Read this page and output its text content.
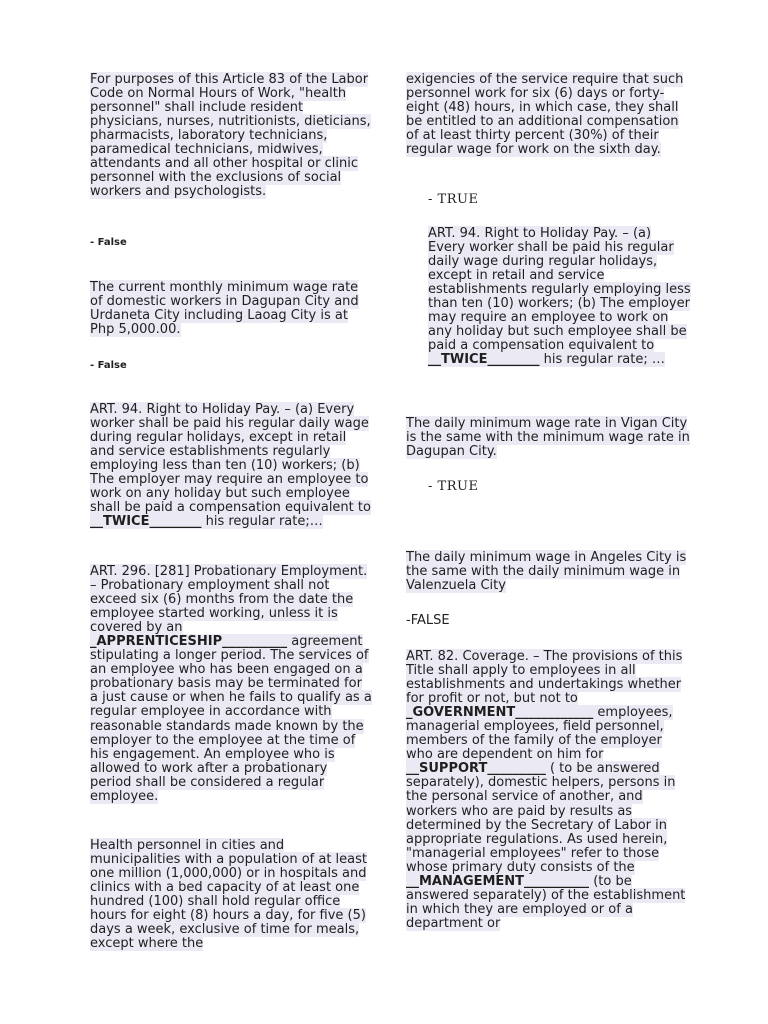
For purposes of this Article 83 of the Labor Code on Normal Hours of Work, "health personnel" shall include resident physicians, nurses, nutritionists, dieticians, pharmacists, laboratory technicians, paramedical technicians, midwives, attendants and all other hospital or clinic personnel with the exclusions of social workers and psychologists.

- False

The current monthly minimum wage rate of domestic workers in Dagupan City and Urdaneta City including Laoag City is at Php 5,000.00.

- False

ART. 94. Right to Holiday Pay. – (a) Every worker shall be paid his regular daily wage during regular holidays, except in retail and service establishments regularly employing less than ten (10) workers; (b) The employer may require an employee to work on any holiday but such employee shall be paid a compensation equivalent to __TWICE________ his regular rate;…

ART. 296. [281] Probationary Employment. – Probationary employment shall not exceed six (6) months from the date the employee started working, unless it is covered by an _APPRENTICESHIP__________ agreement stipulating a longer period. The services of an employee who has been engaged on a probationary basis may be terminated for a just cause or when he fails to qualify as a regular employee in accordance with reasonable standards made known by the employer to the employee at the time of his engagement. An employee who is allowed to work after a probationary period shall be considered a regular employee.

Health personnel in cities and municipalities with a population of at least one million (1,000,000) or in hospitals and clinics with a bed capacity of at least one hundred (100) shall hold regular office hours for eight (8) hours a day, for five (5) days a week, exclusive of time for meals, except where the

exigencies of the service require that such personnel work for six (6) days or forty-eight (48) hours, in which case, they shall be entitled to an additional compensation of at least thirty percent (30%) of their regular wage for work on the sixth day.

- TRUE

ART. 94. Right to Holiday Pay. – (a) Every worker shall be paid his regular daily wage during regular holidays, except in retail and service establishments regularly employing less than ten (10) workers; (b) The employer may require an employee to work on any holiday but such employee shall be paid a compensation equivalent to __TWICE________ his regular rate; …

The daily minimum wage rate in Vigan City is the same with the minimum wage rate in Dagupan City.

- TRUE

The daily minimum wage in Angeles City is the same with the daily minimum wage in Valenzuela City

-FALSE

ART. 82. Coverage. – The provisions of this Title shall apply to employees in all establishments and undertakings whether for profit or not, but not to _GOVERNMENT____________ employees, managerial employees, field personnel, members of the family of the employer who are dependent on him for __SUPPORT_________ ( to be answered separately), domestic helpers, persons in the personal service of another, and workers who are paid by results as determined by the Secretary of Labor in appropriate regulations. As used herein, "managerial employees" refer to those whose primary duty consists of the __MANAGEMENT__________ (to be answered separately) of the establishment in which they are employed or of a department or
